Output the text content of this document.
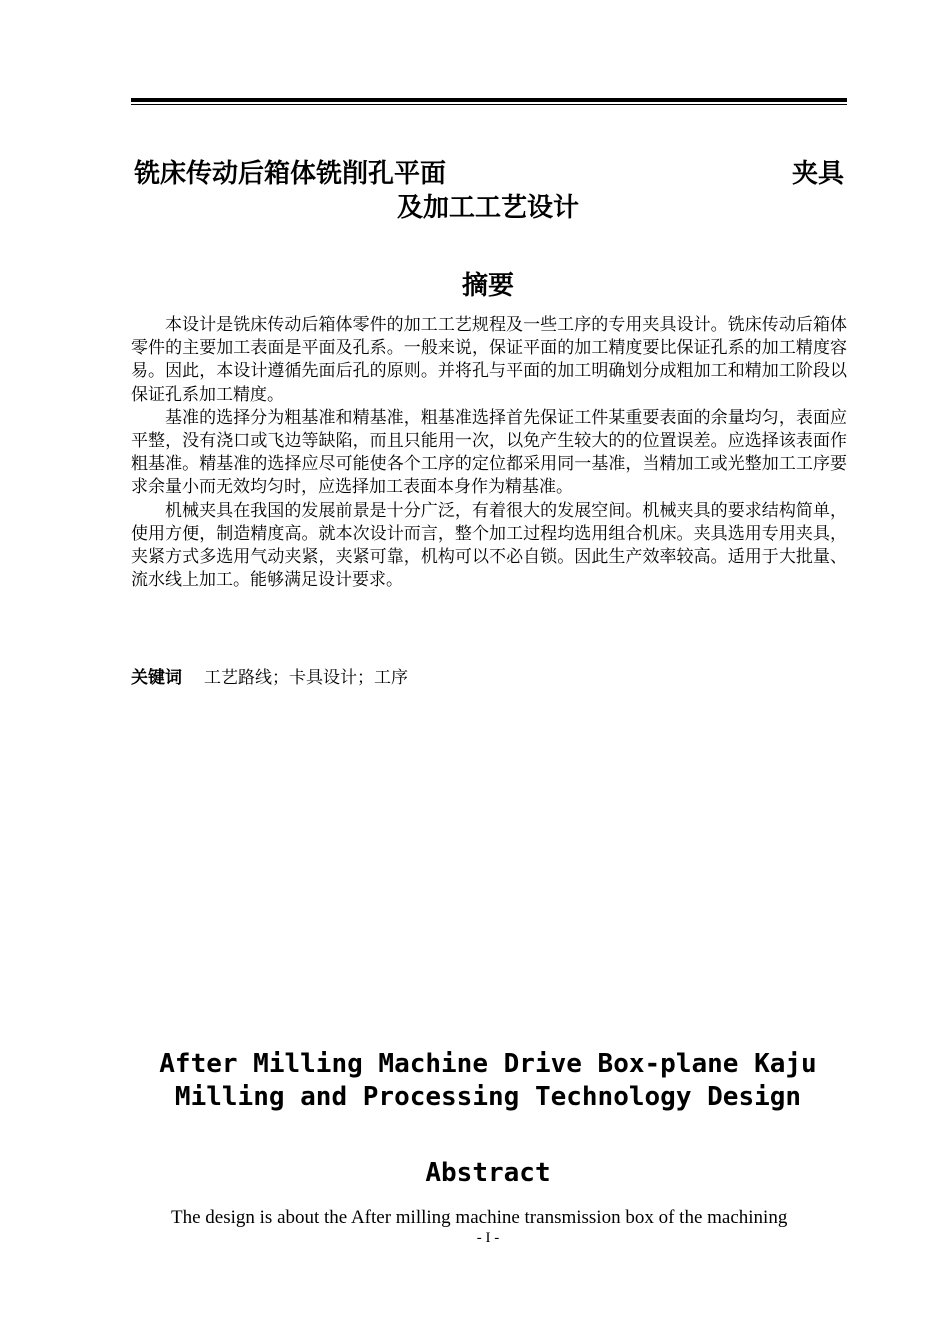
铣床传动后箱体铣削孔平面	夹具
及加工工艺设计
摘要

本设计是铣床传动后箱体零件的加工工艺规程及一些工序的专用夹具设计。铣床传动后箱体零件的主要加工表面是平面及孔系。一般来说，保证平面的加工精度要比保证孔系的加工精度容易。因此，本设计遵循先面后孔的原则。并将孔与平面的加工明确划分成粗加工和精加工阶段以保证孔系加工精度。

基准的选择分为粗基准和精基准，粗基准选择首先保证工件某重要表面的余量均匀，表面应平整，没有浇口或飞边等缺陷，而且只能用一次，以免产生较大的的位置误差。应选择该表面作粗基准。精基准的选择应尽可能使各个工序的定位都采用同一基准，当精加工或光整加工工序要求余量小而无效均匀时，应选择加工表面本身作为精基准。

机械夹具在我国的发展前景是十分广泛，有着很大的发展空间。机械夹具的要求结构简单，使用方便，制造精度高。就本次设计而言，整个加工过程均选用组合机床。夹具选用专用夹具，夹紧方式多选用气动夹紧，夹紧可靠，机构可以不必自锁。因此生产效率较高。适用于大批量、流水线上加工。能够满足设计要求。

关键词 工艺路线；卡具设计；工序
After Milling Machine Drive Box-plane Kaju
Milling and Processing Technology Design
Abstract
The design is about the After milling machine transmission box of the machining
- I -
